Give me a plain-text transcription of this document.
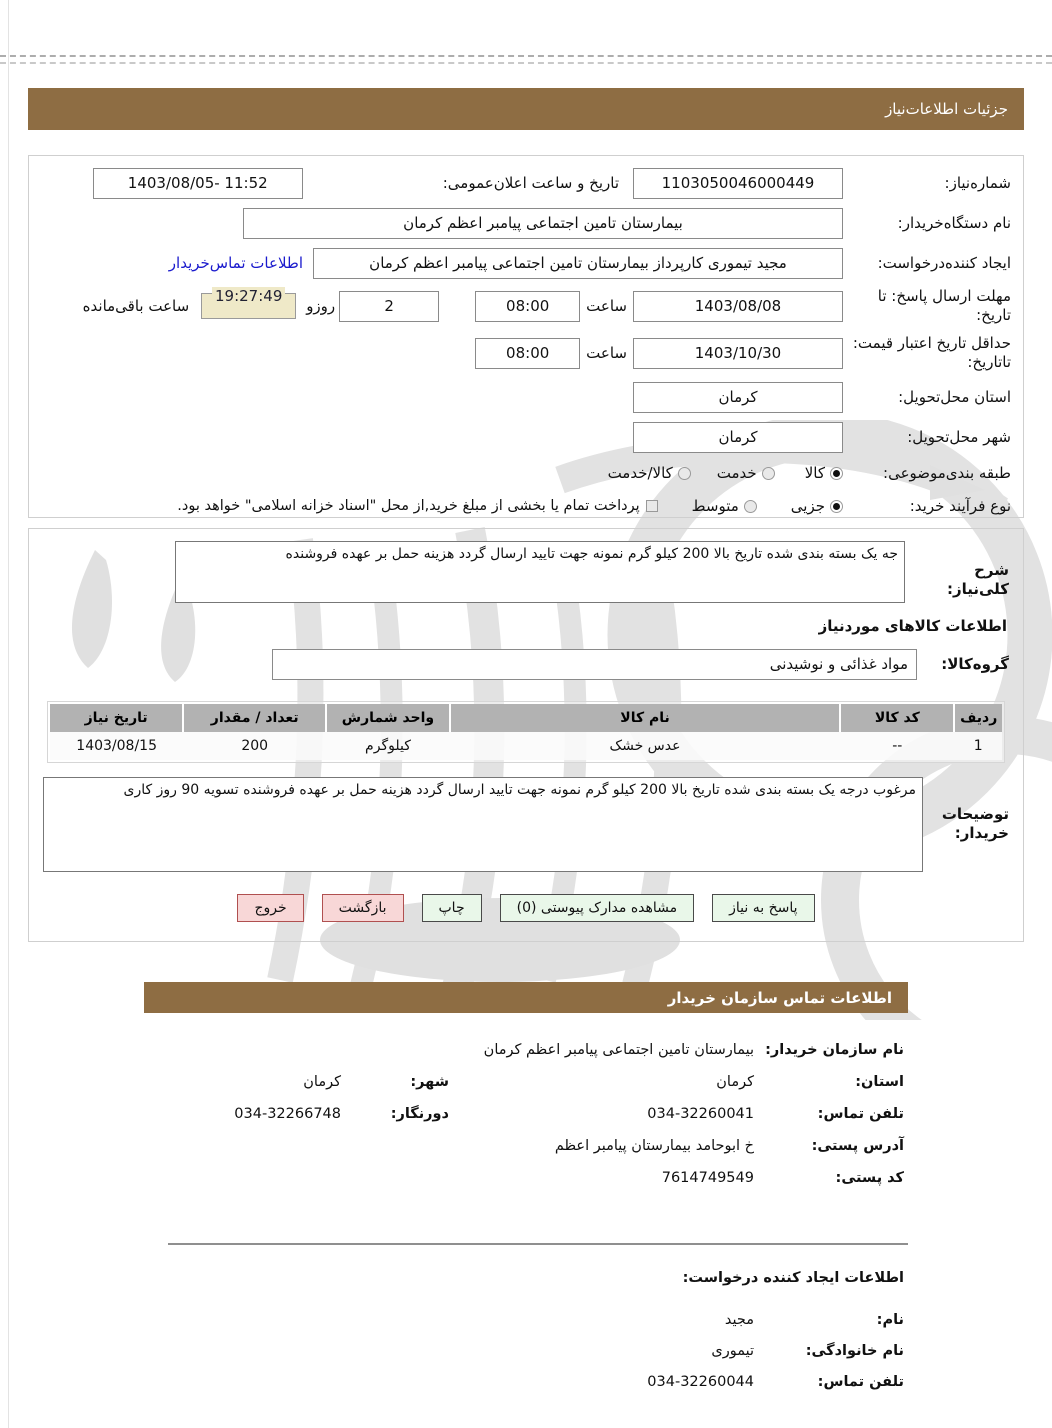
جزئیات اطلاعات‌نیاز
شماره‌نیاز:
1103050046000449
تاریخ و ساعت اعلان‌عمومی:
1403/08/05- 11:52
نام دستگاه‌خریدار:
بیمارستان تامین اجتماعی پیامبر اعظم کرمان
ایجاد کننده‌درخواست:
مجید تیموری کارپرداز بیمارستان تامین اجتماعی پیامبر اعظم کرمان
اطلاعات تماس‌خریدار
مهلت ارسال پاسخ: تا تاریخ:
1403/08/08
ساعت
08:00
2
روزو
19:27:49
ساعت باقی‌مانده
حداقل تاریخ اعتبار قیمت: تاتاریخ:
1403/10/30
ساعت
08:00
استان محل‌تحویل:
کرمان
شهر محل‌تحویل:
کرمان
طبقه بندی‌موضوعی:
کالا
خدمت
کالا/خدمت
نوع فرآیند خرید:
جزیی
متوسط
پرداخت تمام یا بخشی از مبلغ خرید,از محل "اسناد خزانه اسلامی" خواهد بود.
شرح کلی‌نیاز:
جه یک بسته بندی شده تاریخ بالا 200 کیلو گرم نمونه جهت تایید ارسال گردد هزینه حمل بر عهده فروشنده
اطلاعات کالاهای موردنیاز
گروه‌کالا:
مواد غذائی و نوشیدنی
ردیف	کد کالا	نام کالا	واحد شمارش	تعداد / مقدار	تاریخ نیاز
1	--	عدس خشک	کیلوگرم	200	1403/08/15
توضیحات خریدار:
مرغوب درجه یک بسته بندی شده تاریخ بالا 200 کیلو گرم نمونه جهت تایید ارسال گردد هزینه حمل بر عهده فروشنده تسویه 90 روز کاری
پاسخ به نیاز
مشاهده مدارک پیوستی (0)
چاپ
بازگشت
خروج
اطلاعات تماس سازمان خریدار
نام سازمان خریدار:
بیمارستان تامین اجتماعی پیامبر اعظم کرمان
استان:
کرمان
شهر:
کرمان
تلفن تماس:
034-32260041
دورنگار:
034-32266748
آدرس پستی:
خ ابوحامد بیمارستان پیامبر اعظم
کد پستی:
7614749549
اطلاعات ایجاد کننده درخواست:
نام:
مجید
نام خانوادگی:
تیموری
تلفن تماس:
034-32260044
